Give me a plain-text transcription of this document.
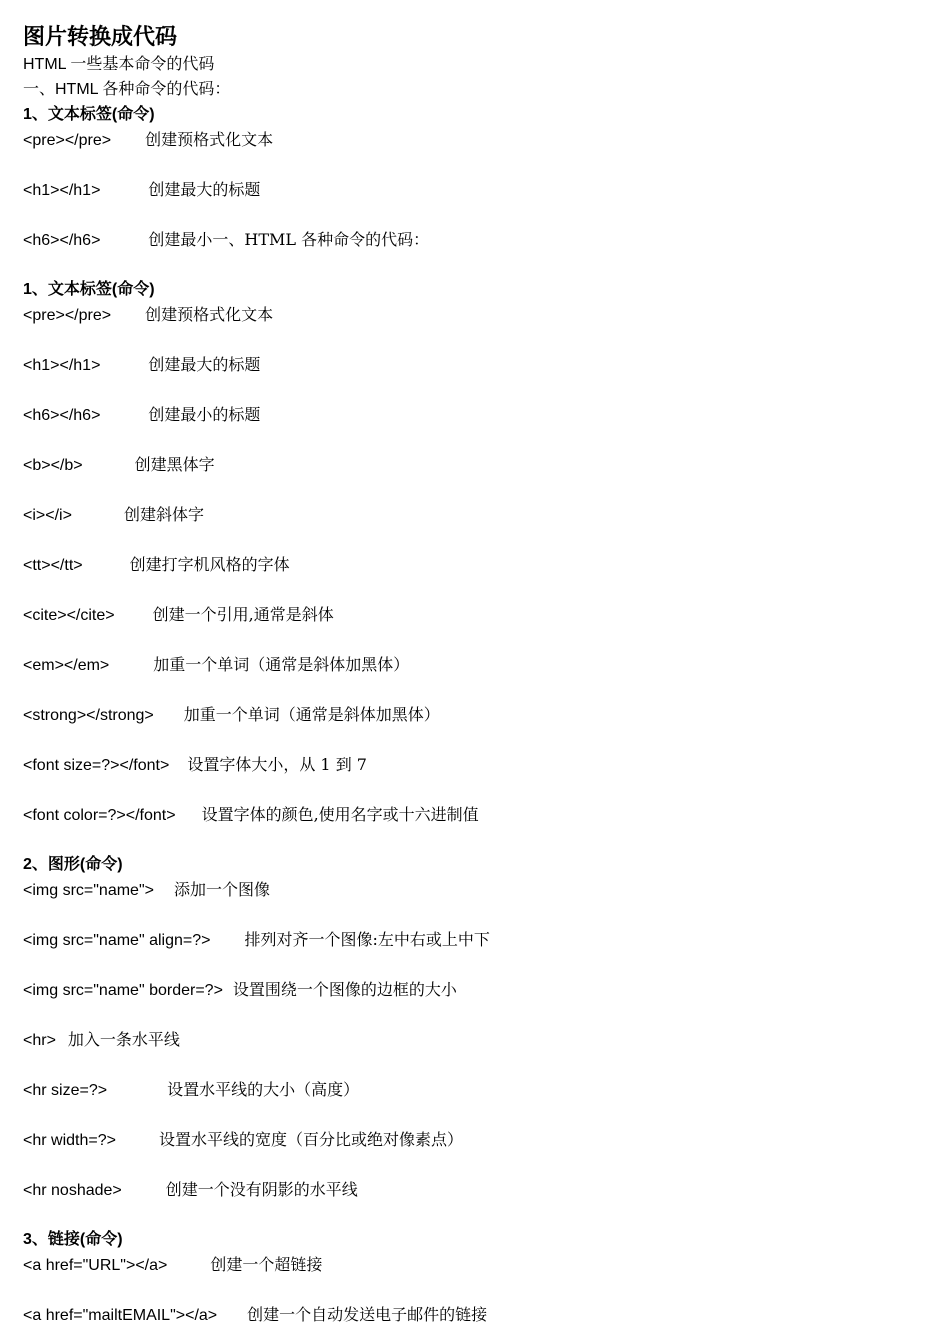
图片转换成代码
HTML 一些基本命令的代码
一、HTML 各种命令的代码：
1、文本标签(命令)
<pre></pre> 创建预格式化文本
<h1></h1>	创建最大的标题
<h6></h6>	创建最小一、HTML 各种命令的代码：
1、文本标签(命令)
<pre></pre> 创建预格式化文本
<h1></h1>	创建最大的标题
<h6></h6>	创建最小的标题
<b></b>	创建黑体字
<i></i>	创建斜体字
<tt></tt>	创建打字机风格的字体
<cite></cite> 创建一个引用,通常是斜体
<em></em>	加重一个单词（通常是斜体加黑体）
<strong></strong> 加重一个单词（通常是斜体加黑体）
<font size=?></font> 设置字体大小，从 1 到 7
<font color=?></font> 设置字体的颜色,使用名字或十六进制值
2、图形(命令)
<img src="name"> 添加一个图像
<img src="name" align=?> 排列对齐一个图像:左中右或上中下
<img src="name" border=?> 设置围绕一个图像的边框的大小
<hr> 加入一条水平线
<hr size=?>	设置水平线的大小（高度）
<hr width=?>	设置水平线的宽度（百分比或绝对像素点）
<hr noshade>	创建一个没有阴影的水平线
3、链接(命令)
<a href="URL"></a>	创建一个超链接
<a href="mailtEMAIL"></a> 创建一个自动发送电子邮件的链接
